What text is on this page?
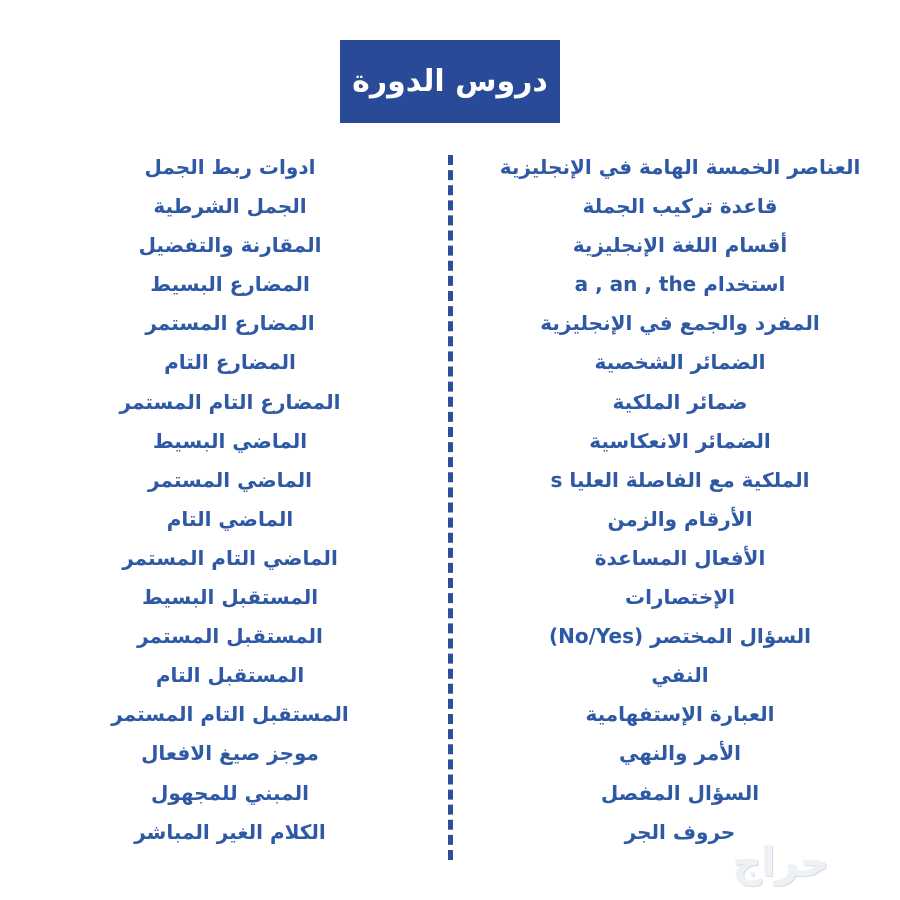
دروس الدورة
العناصر الخمسة الهامة في الإنجليزية
قاعدة تركيب الجملة
أقسام اللغة الإنجليزية
استخدام a , an , the
المفرد والجمع في الإنجليزية
الضمائر الشخصية
ضمائر الملكية
الضمائر الانعكاسية
s الملكية مع الفاصلة العليا
الأرقام والزمن
الأفعال المساعدة
الإختصارات
السؤال المختصر (No/Yes)
النفي
العبارة الإستفهامية
الأمر والنهي
السؤال المفصل
حروف الجر
ادوات ربط الجمل
الجمل الشرطية
المقارنة والتفضيل
المضارع البسيط
المضارع المستمر
المضارع التام
المضارع التام المستمر
الماضي البسيط
الماضي المستمر
الماضي التام
الماضي التام المستمر
المستقبل البسيط
المستقبل المستمر
المستقبل التام
المستقبل التام المستمر
موجز صيغ الافعال
المبني للمجهول
الكلام الغير المباشر
حراج
